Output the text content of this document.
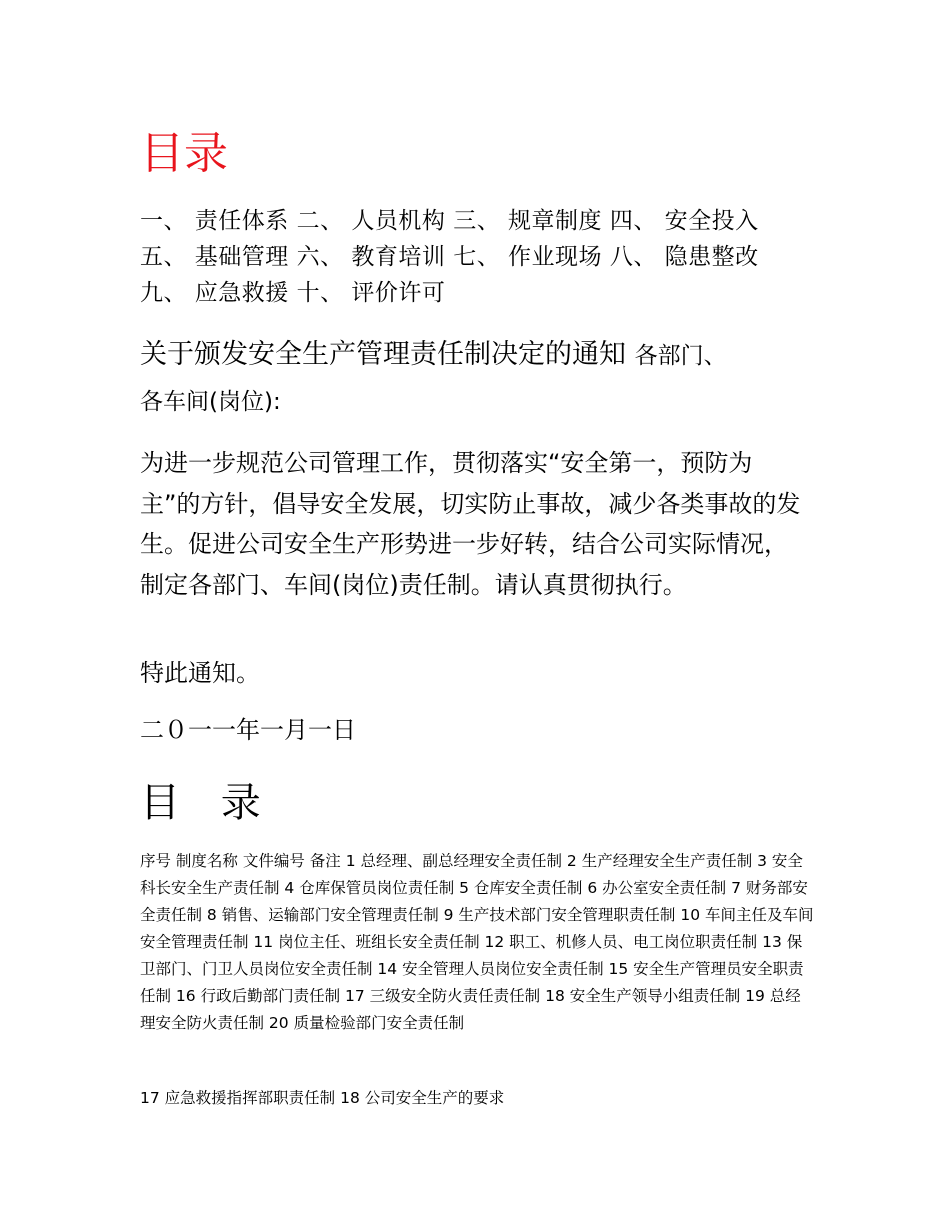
目录
一、 责任体系 二、 人员机构 三、 规章制度 四、 安全投入
五、 基础管理 六、 教育培训 七、 作业现场 八、 隐患整改
九、 应急救援 十、 评价许可
关于颁发安全生产管理责任制决定的通知 各部门、
各车间(岗位):

为进一步规范公司管理工作，贯彻落实“安全第一，预防为主”的方针，倡导安全发展，切实防止事故，减少各类事故的发生。促进公司安全生产形势进一步好转，结合公司实际情况，制定各部门、车间(岗位)责任制。请认真贯彻执行。

特此通知。
二０一一年一月一日
目 录

序号 制度名称 文件编号 备注 1 总经理、副总经理安全责任制 2 生产经理安全生产责任制 3 安全科长安全生产责任制 4 仓库保管员岗位责任制 5 仓库安全责任制 6 办公室安全责任制 7 财务部安全责任制 8 销售、运输部门安全管理责任制 9 生产技术部门安全管理职责任制 10 车间主任及车间安全管理责任制 11 岗位主任、班组长安全责任制 12 职工、机修人员、电工岗位职责任制 13 保卫部门、门卫人员岗位安全责任制 14 安全管理人员岗位安全责任制 15 安全生产管理员安全职责任制 16 行政后勤部门责任制 17 三级安全防火责任责任制 18 安全生产领导小组责任制 19 总经理安全防火责任制 20 质量检验部门安全责任制

17 应急救援指挥部职责任制 18 公司安全生产的要求
